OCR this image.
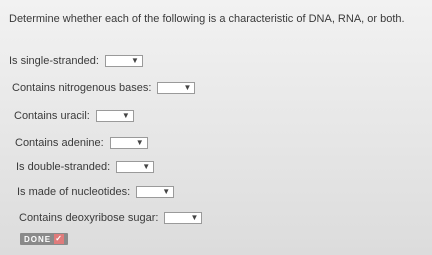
Determine whether each of the following is a characteristic of DNA, RNA, or both.
Is single-stranded:	▼
Contains nitrogenous bases:	▼
Contains uracil:	▼
Contains adenine:	▼
Is double-stranded:	▼
Is made of nucleotides:	▼
Contains deoxyribose sugar:	▼
DONE ✓
